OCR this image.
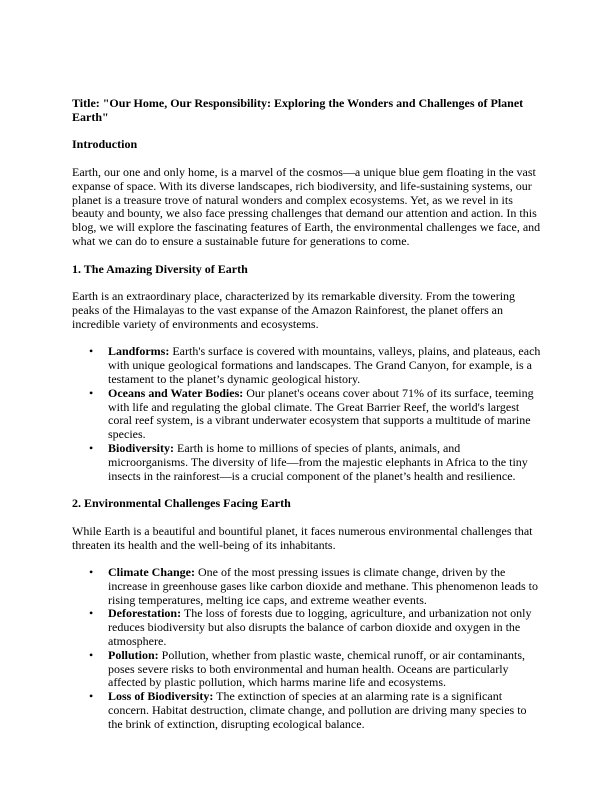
Title: "Our Home, Our Responsibility: Exploring the Wonders and Challenges of Planet Earth"
Introduction

Earth, our one and only home, is a marvel of the cosmos—a unique blue gem floating in the vast expanse of space. With its diverse landscapes, rich biodiversity, and life-sustaining systems, our planet is a treasure trove of natural wonders and complex ecosystems. Yet, as we revel in its beauty and bounty, we also face pressing challenges that demand our attention and action. In this blog, we will explore the fascinating features of Earth, the environmental challenges we face, and what we can do to ensure a sustainable future for generations to come.

1. The Amazing Diversity of Earth

Earth is an extraordinary place, characterized by its remarkable diversity. From the towering peaks of the Himalayas to the vast expanse of the Amazon Rainforest, the planet offers an incredible variety of environments and ecosystems.

• Landforms: Earth's surface is covered with mountains, valleys, plains, and plateaus, each with unique geological formations and landscapes. The Grand Canyon, for example, is a testament to the planet’s dynamic geological history.
• Oceans and Water Bodies: Our planet's oceans cover about 71% of its surface, teeming with life and regulating the global climate. The Great Barrier Reef, the world's largest coral reef system, is a vibrant underwater ecosystem that supports a multitude of marine species.
• Biodiversity: Earth is home to millions of species of plants, animals, and microorganisms. The diversity of life—from the majestic elephants in Africa to the tiny insects in the rainforest—is a crucial component of the planet’s health and resilience.
2. Environmental Challenges Facing Earth

While Earth is a beautiful and bountiful planet, it faces numerous environmental challenges that threaten its health and the well-being of its inhabitants.

• Climate Change: One of the most pressing issues is climate change, driven by the increase in greenhouse gases like carbon dioxide and methane. This phenomenon leads to rising temperatures, melting ice caps, and extreme weather events.
• Deforestation: The loss of forests due to logging, agriculture, and urbanization not only reduces biodiversity but also disrupts the balance of carbon dioxide and oxygen in the atmosphere.
• Pollution: Pollution, whether from plastic waste, chemical runoff, or air contaminants, poses severe risks to both environmental and human health. Oceans are particularly affected by plastic pollution, which harms marine life and ecosystems.
• Loss of Biodiversity: The extinction of species at an alarming rate is a significant concern. Habitat destruction, climate change, and pollution are driving many species to the brink of extinction, disrupting ecological balance.
